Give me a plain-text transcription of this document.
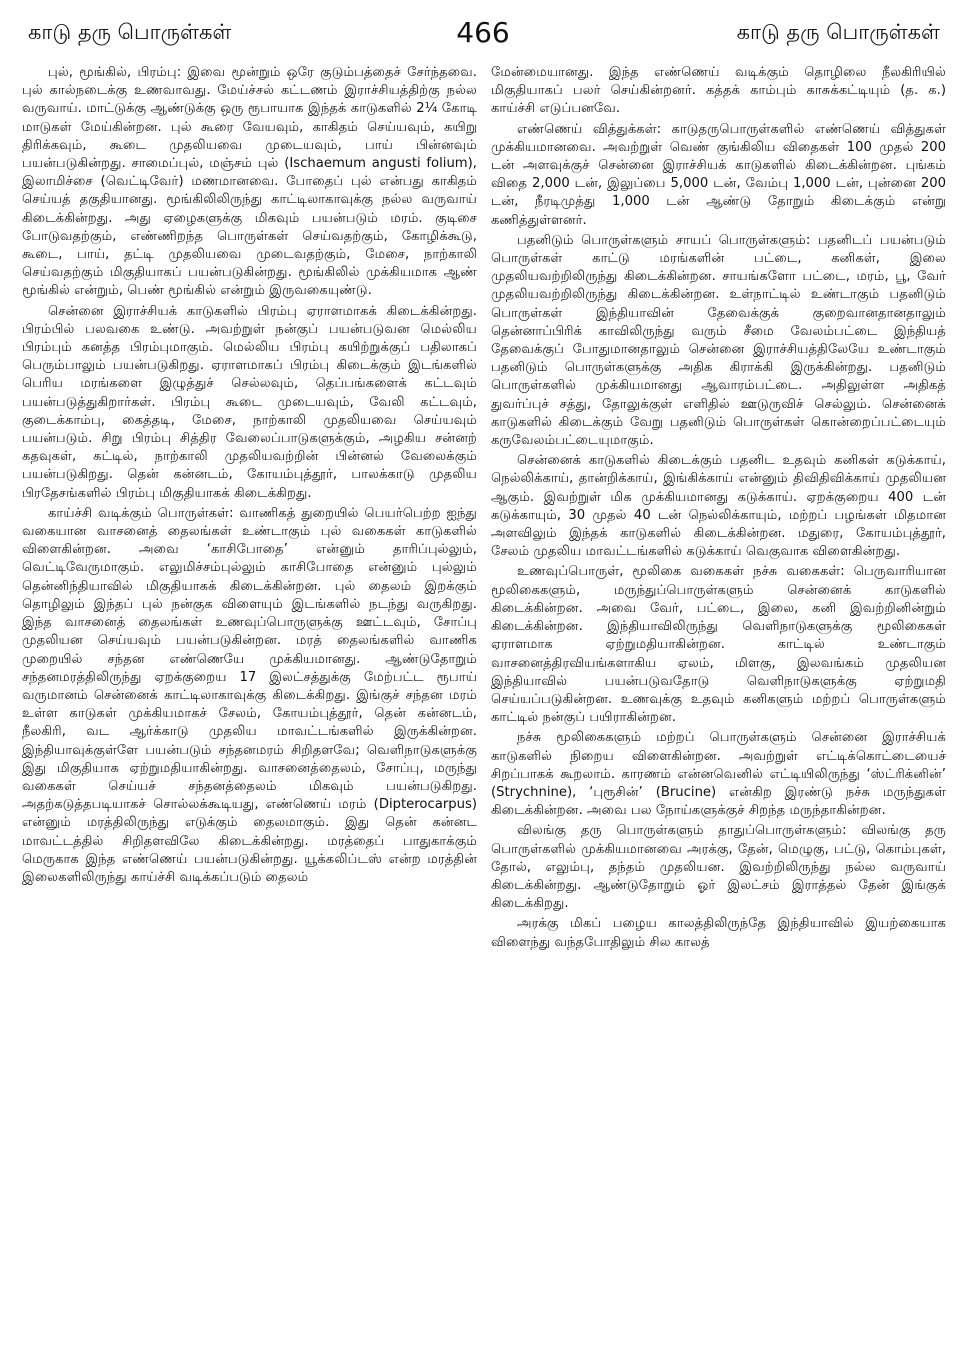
காடு தரு பொருள்கள்	466	காடு தரு பொருள்கள்

புல், மூங்கில், பிரம்பு: இவை மூன்றும் ஒரே குடும்பத்தைச் சேர்ந்தவை. புல் கால்நடைக்கு உணவாவது. மேய்ச்சல் கட்டணம் இராச்சியத்திற்கு நல்ல வருவாய். மாட்டுக்கு ஆண்டுக்கு ஒரு ரூபாயாக இந்தக் காடுகளில் 2¼ கோடி மாடுகள் மேய்கின்றன. புல் கூரை வேயவும், காகிதம் செய்யவும், கயிறு திரிக்கவும், கூடை முதலியவை முடையவும், பாய் பின்னவும் பயன்படுகின்றது. சாமைப்புல், மஞ்சம் புல் (Ischaemum angusti folium), இலாமிச்சை (வெட்டிவேர்) மணமானவை. போதைப் புல் என்பது காகிதம் செய்யத் தகுதியானது. மூங்கிலிலிருந்து காட்டிலாகாவுக்கு நல்ல வருவாய் கிடைக்கின்றது. அது ஏழைகளுக்கு மிகவும் பயன்படும் மரம். குடிசை போடுவதற்கும், எண்ணிறந்த பொருள்கள் செய்வதற்கும், கோழிக்கூடு, கூடை, பாய், தட்டி முதலியவை முடைவதற்கும், மேசை, நாற்காலி செய்வதற்கும் மிகுதியாகப் பயன்படுகின்றது. மூங்கிலில் முக்கியமாக ஆண் மூங்கில் என்றும், பெண் மூங்கில் என்றும் இருவகையுண்டு.

சென்னை இராச்சியக் காடுகளில் பிரம்பு ஏராளமாகக் கிடைக்கின்றது. பிரம்பில் பலவகை உண்டு. அவற்றுள் நன்குப் பயன்படுவன மெல்லிய பிரம்பும் கனத்த பிரம்புமாகும். மெல்லிய பிரம்பு கயிற்றுக்குப் பதிலாகப் பெரும்பாலும் பயன்படுகிறது. ஏராளமாகப் பிரம்பு கிடைக்கும் இடங்களில் பெரிய மரங்களை இழுத்துச் செல்லவும், தெப்பங்களைக் கட்டவும் பயன்படுத்துகிறார்கள். பிரம்பு கூடை முடையவும், வேலி கட்டவும், குடைக்காம்பு, கைத்தடி, மேசை, நாற்காலி முதலியவை செய்யவும் பயன்படும். சிறு பிரம்பு சித்திர வேலைப்பாடுகளுக்கும், அழகிய சன்னற் கதவுகள், கட்டில், நாற்காலி முதலியவற்றின் பின்னல் வேலைக்கும் பயன்படுகிறது. தென் கன்னடம், கோயம்புத்தூர், பாலக்காடு முதலிய பிரதேசங்களில் பிரம்பு மிகுதியாகக் கிடைக்கிறது.

காய்ச்சி வடிக்கும் பொருள்கள்: வாணிகத் துறையில் பெயர்பெற்ற ஐந்து வகையான வாசனைத் தைலங்கள் உண்டாகும் புல் வகைகள் காடுகளில் விளைகின்றன. அவை ‘காசிபோதை’ என்னும் தாரிப்புல்லும், வெட்டிவேருமாகும். எலுமிச்சம்புல்லும் காசிபோதை என்னும் புல்லும் தென்னிந்தியாவில் மிகுதியாகக் கிடைக்கின்றன. புல் தைலம் இறக்கும் தொழிலும் இந்தப் புல் நன்குக விளையும் இடங்களில் நடந்து வருகிறது. இந்த வாசனைத் தைலங்கள் உணவுப்பொருளுக்கு ஊட்டவும், சோப்பு முதலியன செய்யவும் பயன்படுகின்றன. மரத் தைலங்களில் வாணிக முறையில் சந்தன எண்ணெயே முக்கியமானது. ஆண்டுதோறும் சந்தனமரத்திலிருந்து ஏறக்குறைய 17 இலட்சத்துக்கு மேற்பட்ட ரூபாய் வருமானம் சென்னைக் காட்டிலாகாவுக்கு கிடைக்கிறது. இங்குச் சந்தன மரம் உள்ள காடுகள் முக்கியமாகச் சேலம், கோயம்புத்தூர், தென் கன்னடம், நீலகிரி, வட ஆர்க்காடு முதலிய மாவட்டங்களில் இருக்கின்றன. இந்தியாவுக்குள்ளே பயன்படும் சந்தனமரம் சிறிதளவே; வெளிநாடுகளுக்கு இது மிகுதியாக ஏற்றுமதியாகின்றது. வாசனைத்தைலம், சோப்பு, மருந்து வகைகள் செய்யச் சந்தனத்தைலம் மிகவும் பயன்படுகிறது. அதற்கடுத்தபடியாகச் சொல்லக்கூடியது, எண்ணெய் மரம் (Dipterocarpus) என்னும் மரத்திலிருந்து எடுக்கும் தைலமாகும். இது தென் கன்னட மாவட்டத்தில் சிறிதளவிலே கிடைக்கின்றது. மரத்தைப் பாதுகாக்கும் மெருகாக இந்த எண்ணெய் பயன்படுகின்றது. யூக்கலிப்டஸ் என்ற மரத்தின் இலைகளிலிருந்து காய்ச்சி வடிக்கப்படும் தைலம்

மேன்மையானது. இந்த எண்ணெய் வடிக்கும் தொழிலை நீலகிரியில் மிகுதியாகப் பலர் செய்கின்றனர். கத்தக் காம்பும் காசுக்கட்டியும் (த. க.) காய்ச்சி எடுப்பனவே.

எண்ணெய் வித்துக்கள்: காடுதருபொருள்களில் எண்ணெய் வித்துகள் முக்கியமானவை. அவற்றுள் வெண் குங்கிலிய விதைகள் 100 முதல் 200 டன் அளவுக்குச் சென்னை இராச்சியக் காடுகளில் கிடைக்கின்றன. புங்கம் விதை 2,000 டன், இலுப்பை 5,000 டன், வேம்பு 1,000 டன், புன்னை 200 டன், நீரடிமுத்து 1,000 டன் ஆண்டு தோறும் கிடைக்கும் என்று கணித்துள்ளனர்.

பதனிடும் பொருள்களும் சாயப் பொருள்களும்: பதனிடப் பயன்படும் பொருள்கள் காட்டு மரங்களின் பட்டை, கனிகள், இலை முதலியவற்றிலிருந்து கிடைக்கின்றன. சாயங்களோ பட்டை, மரம், பூ, வேர் முதலியவற்றிலிருந்து கிடைக்கின்றன. உள்நாட்டில் உண்டாகும் பதனிடும் பொருள்கள் இந்தியாவின் தேவைக்குக் குறைவானதானதாலும் தென்னாப்பிரிக் காவிலிருந்து வரும் சீமை வேலம்பட்டை இந்தியத் தேவைக்குப் போதுமானதாலும் சென்னை இராச்சியத்திலேயே உண்டாகும் பதனிடும் பொருள்களுக்கு அதிக கிராக்கி இருக்கின்றது. பதனிடும் பொருள்களில் முக்கியமானது ஆவாரம்பட்டை. அதிலுள்ள அதிகத் துவர்ப்புச் சத்து, தோலுக்குள் எளிதில் ஊடுருவிச் செல்லும். சென்னைக் காடுகளில் கிடைக்கும் வேறு பதனிடும் பொருள்கள் கொன்றைப்பட்டையும் கருவேலம்பட்டையுமாகும்.

சென்னைக் காடுகளில் கிடைக்கும் பதனிட உதவும் கனிகள் கடுக்காய், நெல்லிக்காய், தான்றிக்காய், இங்கிக்காய் என்னும் திவிதிவிக்காய் முதலியன ஆகும். இவற்றுள் மிக முக்கியமானது கடுக்காய். ஏறக்குறைய 400 டன் கடுக்காயும், 30 முதல் 40 டன் நெல்லிக்காயும், மற்றப் பழங்கள் மிதமான அளவிலும் இந்தக் காடுகளில் கிடைக்கின்றன. மதுரை, கோயம்புத்தூர், சேலம் முதலிய மாவட்டங்களில் கடுக்காய் வெகுவாக விளைகின்றது.

உணவுப்பொருள், மூலிகை வகைகள் நச்சு வகைகள்: பெருவாரியான மூலிகைகளும், மருந்துப்பொருள்களும் சென்னைக் காடுகளில் கிடைக்கின்றன. அவை வேர், பட்டை, இலை, கனி இவற்றினின்றும் கிடைக்கின்றன. இந்தியாவிலிருந்து வெளிநாடுகளுக்கு மூலிகைகள் ஏராளமாக ஏற்றுமதியாகின்றன. காட்டில் உண்டாகும் வாசனைத்திரவியங்களாகிய ஏலம், மிளகு, இலவங்கம் முதலியன இந்தியாவில் பயன்படுவதோடு வெளிநாடுகளுக்கு ஏற்றுமதி செய்யப்படுகின்றன. உணவுக்கு உதவும் கனிகளும் மற்றப் பொருள்களும் காட்டில் நன்குப் பயிராகின்றன.

நச்சு மூலிகைகளும் மற்றப் பொருள்களும் சென்னை இராச்சியக் காடுகளில் நிறைய விளைகின்றன. அவற்றுள் எட்டிக்கொட்டையைச் சிறப்பாகக் கூறலாம். காரணம் என்னவெனில் எட்டியிலிருந்து ‘ஸ்ட்ரிக்னின்’ (Strychnine), ‘புரூசின்’ (Brucine) என்கிற இரண்டு நச்சு மருந்துகள் கிடைக்கின்றன. அவை பல நோய்களுக்குச் சிறந்த மருந்தாகின்றன.

விலங்கு தரு பொருள்களும் தாதுப்பொருள்களும்: விலங்கு தரு பொருள்களில் முக்கியமானவை அரக்கு, தேன், மெழுகு, பட்டு, கொம்புகள், தோல், எலும்பு, தந்தம் முதலியன. இவற்றிலிருந்து நல்ல வருவாய் கிடைக்கின்றது. ஆண்டுதோறும் ஓர் இலட்சம் இராத்தல் தேன் இங்குக் கிடைக்கிறது.

அரக்கு மிகப் பழைய காலத்திலிருந்தே இந்தியாவில் இயற்கையாக விளைந்து வந்தபோதிலும் சில காலத்
